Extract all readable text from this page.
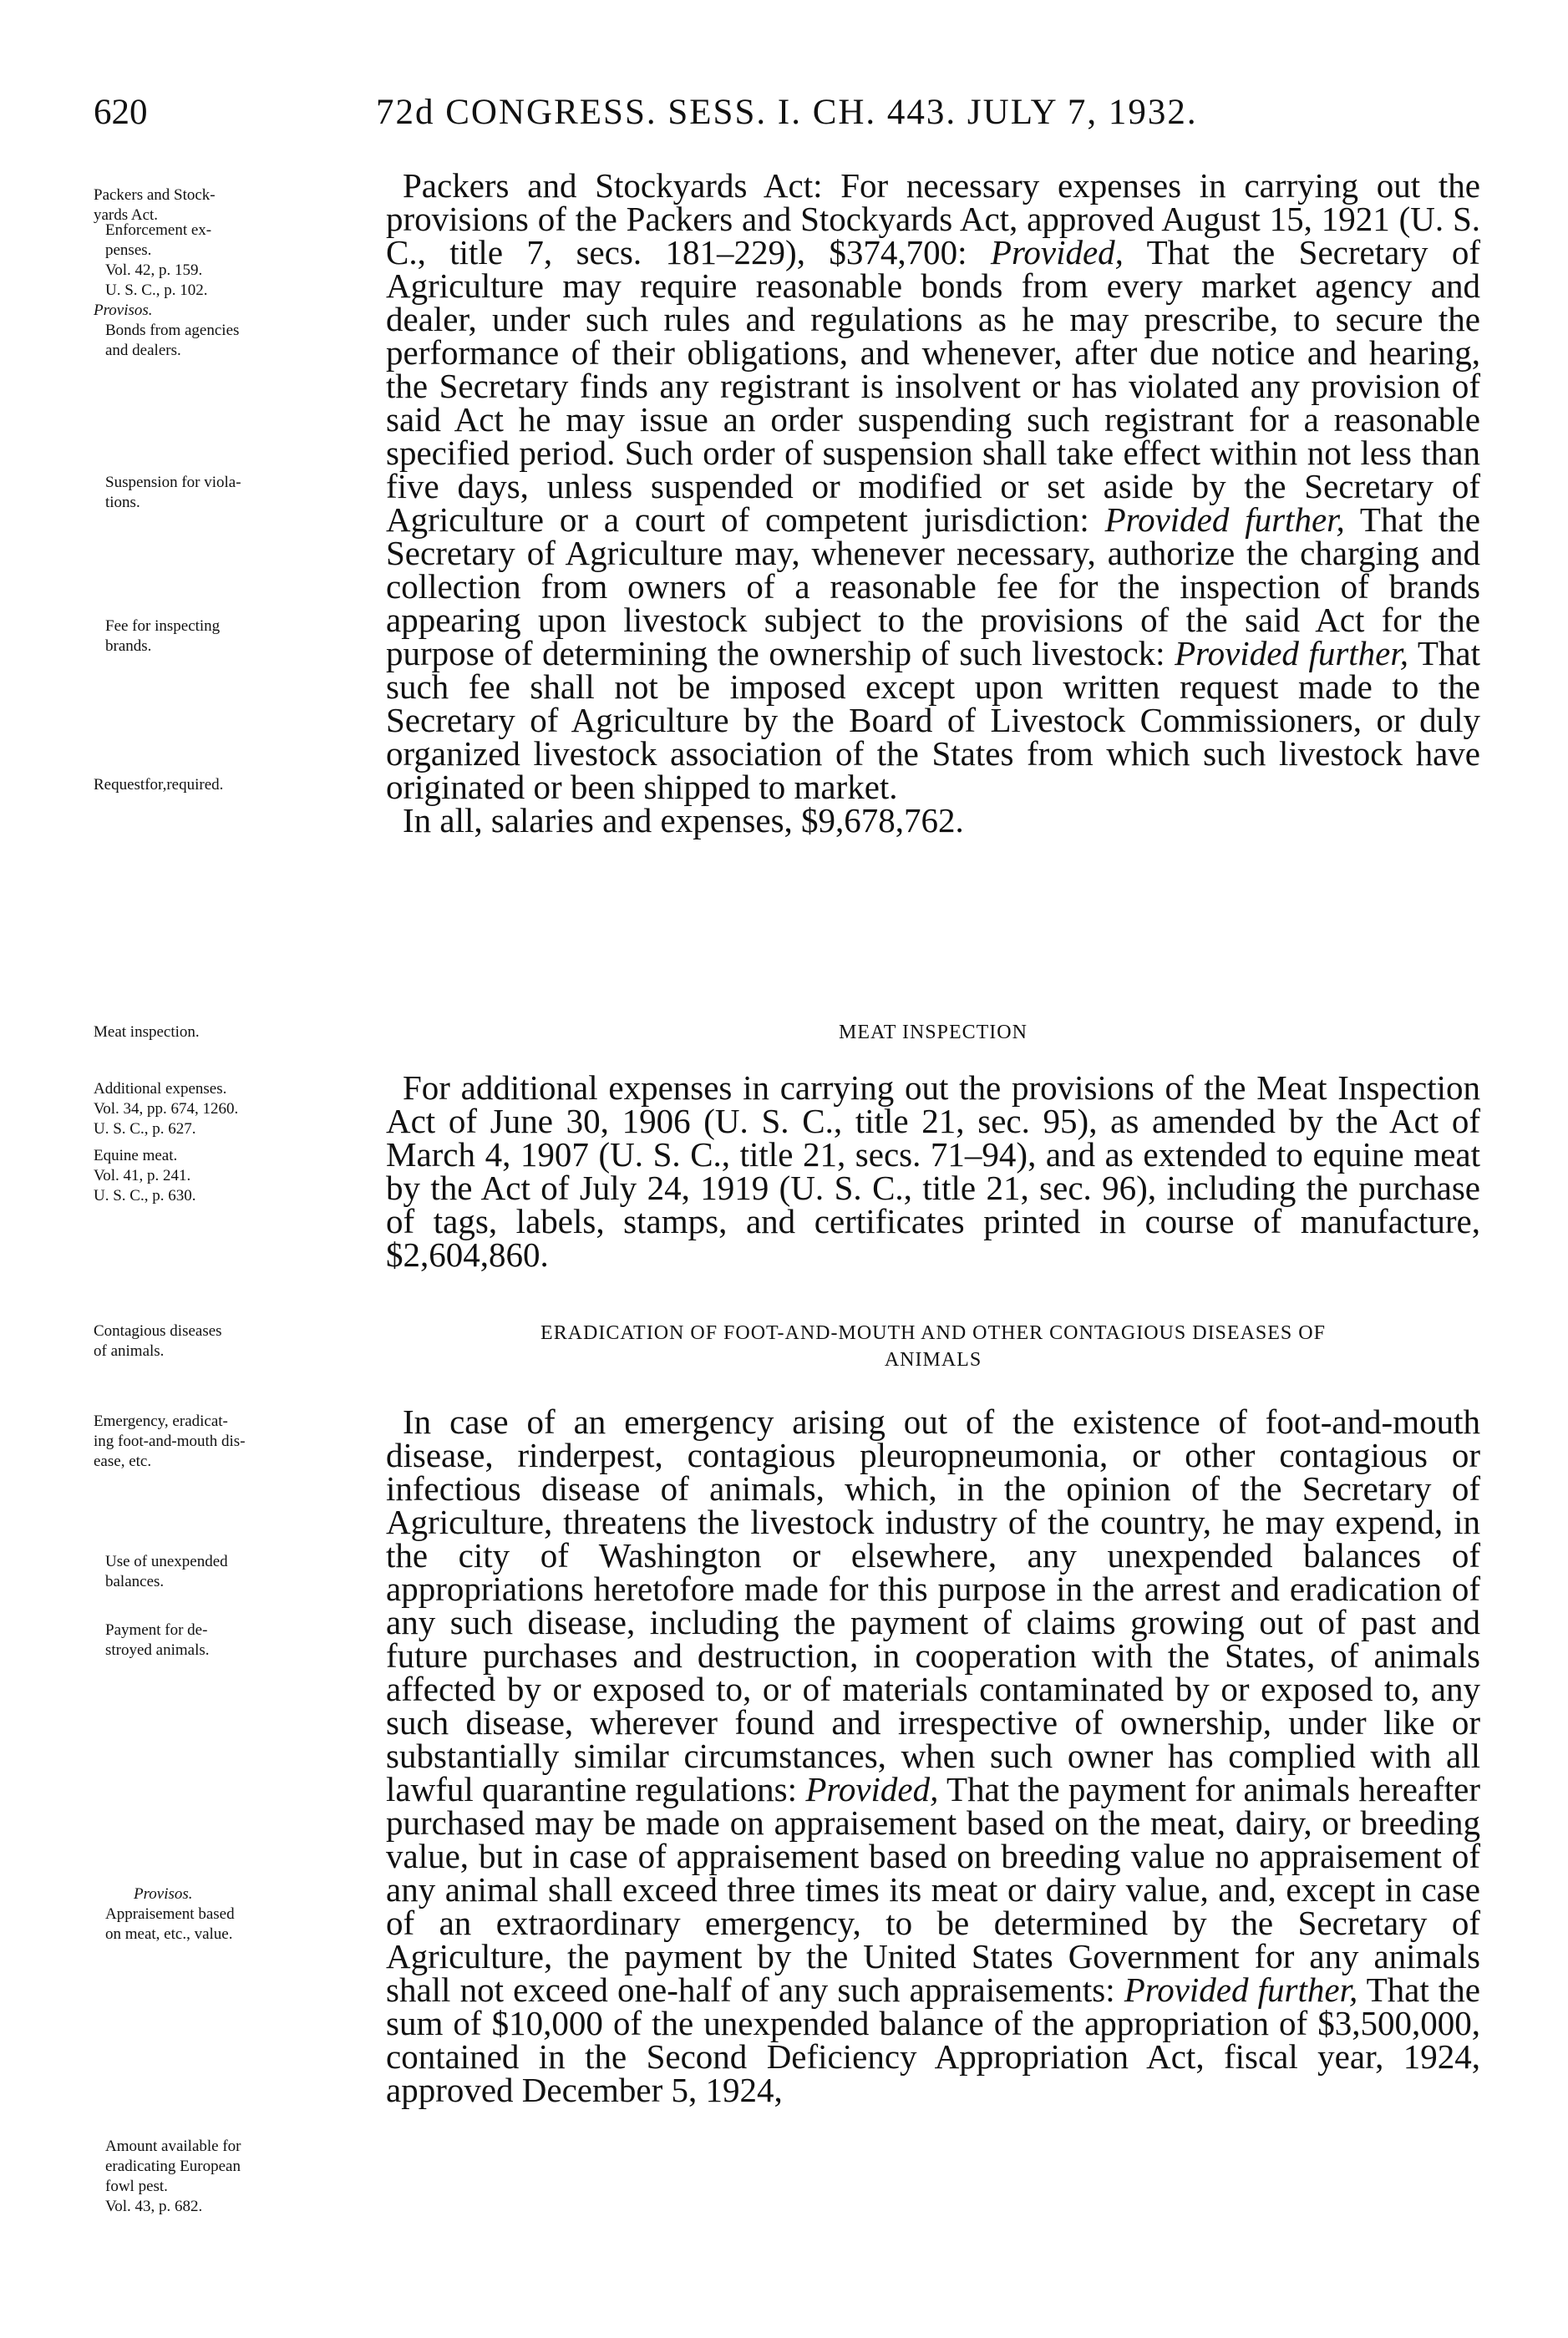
620	72d CONGRESS. SESS. I. CH. 443. JULY 7, 1932.
Packers and Stock-
yards Act.
Enforcement ex-
penses.
Vol. 42, p. 159.
U. S. C., p. 102.
Provisos.
Bonds from agencies
and dealers.
Suspension for viola-
tions.
Fee for inspecting
brands.
Requestfor,required.

Packers and Stockyards Act: For necessary expenses in carrying out the provisions of the Packers and Stockyards Act, approved August 15, 1921 (U. S. C., title 7, secs. 181–229), $374,700: Provided, That the Secretary of Agriculture may require reasonable bonds from every market agency and dealer, under such rules and regulations as he may prescribe, to secure the performance of their obligations, and whenever, after due notice and hearing, the Secretary finds any registrant is insolvent or has violated any provision of said Act he may issue an order suspending such registrant for a reasonable specified period. Such order of suspension shall take effect within not less than five days, unless suspended or modified or set aside by the Secretary of Agriculture or a court of competent jurisdiction: Provided further, That the Secretary of Agriculture may, whenever necessary, authorize the charging and collection from owners of a reasonable fee for the inspection of brands appearing upon livestock subject to the provisions of the said Act for the purpose of determining the ownership of such livestock: Provided further, That such fee shall not be imposed except upon written request made to the Secretary of Agriculture by the Board of Livestock Commissioners, or duly organized livestock association of the States from which such livestock have originated or been shipped to market.

In all, salaries and expenses, $9,678,762.

Meat inspection.	MEAT INSPECTION
Additional expenses.
Vol. 34, pp. 674, 1260.
U. S. C., p. 627.
Equine meat.
Vol. 41, p. 241.
U. S. C., p. 630.

For additional expenses in carrying out the provisions of the Meat Inspection Act of June 30, 1906 (U. S. C., title 21, sec. 95), as amended by the Act of March 4, 1907 (U. S. C., title 21, secs. 71–94), and as extended to equine meat by the Act of July 24, 1919 (U. S. C., title 21, sec. 96), including the purchase of tags, labels, stamps, and certificates printed in course of manufacture, $2,604,860.

Contagious diseases
of animals.
ERADICATION OF FOOT-AND-MOUTH AND OTHER CONTAGIOUS DISEASES OF
ANIMALS
Emergency, eradicat-
ing foot-and-mouth dis-
ease, etc.
Use of unexpended
balances.
Payment for de-
stroyed animals.
Provisos.
Appraisement based
on meat, etc., value.
Amount available for
eradicating European
fowl pest.
Vol. 43, p. 682.

In case of an emergency arising out of the existence of foot-and-mouth disease, rinderpest, contagious pleuropneumonia, or other contagious or infectious disease of animals, which, in the opinion of the Secretary of Agriculture, threatens the livestock industry of the country, he may expend, in the city of Washington or elsewhere, any unexpended balances of appropriations heretofore made for this purpose in the arrest and eradication of any such disease, including the payment of claims growing out of past and future purchases and destruction, in cooperation with the States, of animals affected by or exposed to, or of materials contaminated by or exposed to, any such disease, wherever found and irrespective of ownership, under like or substantially similar circumstances, when such owner has complied with all lawful quarantine regulations: Provided, That the payment for animals hereafter purchased may be made on appraisement based on the meat, dairy, or breeding value, but in case of appraisement based on breeding value no appraisement of any animal shall exceed three times its meat or dairy value, and, except in case of an extraordinary emergency, to be determined by the Secretary of Agriculture, the payment by the United States Government for any animals shall not exceed one-half of any such appraisements: Provided further, That the sum of $10,000 of the unexpended balance of the appropriation of $3,500,000, contained in the Second Deficiency Appropriation Act, fiscal year, 1924, approved December 5, 1924,
